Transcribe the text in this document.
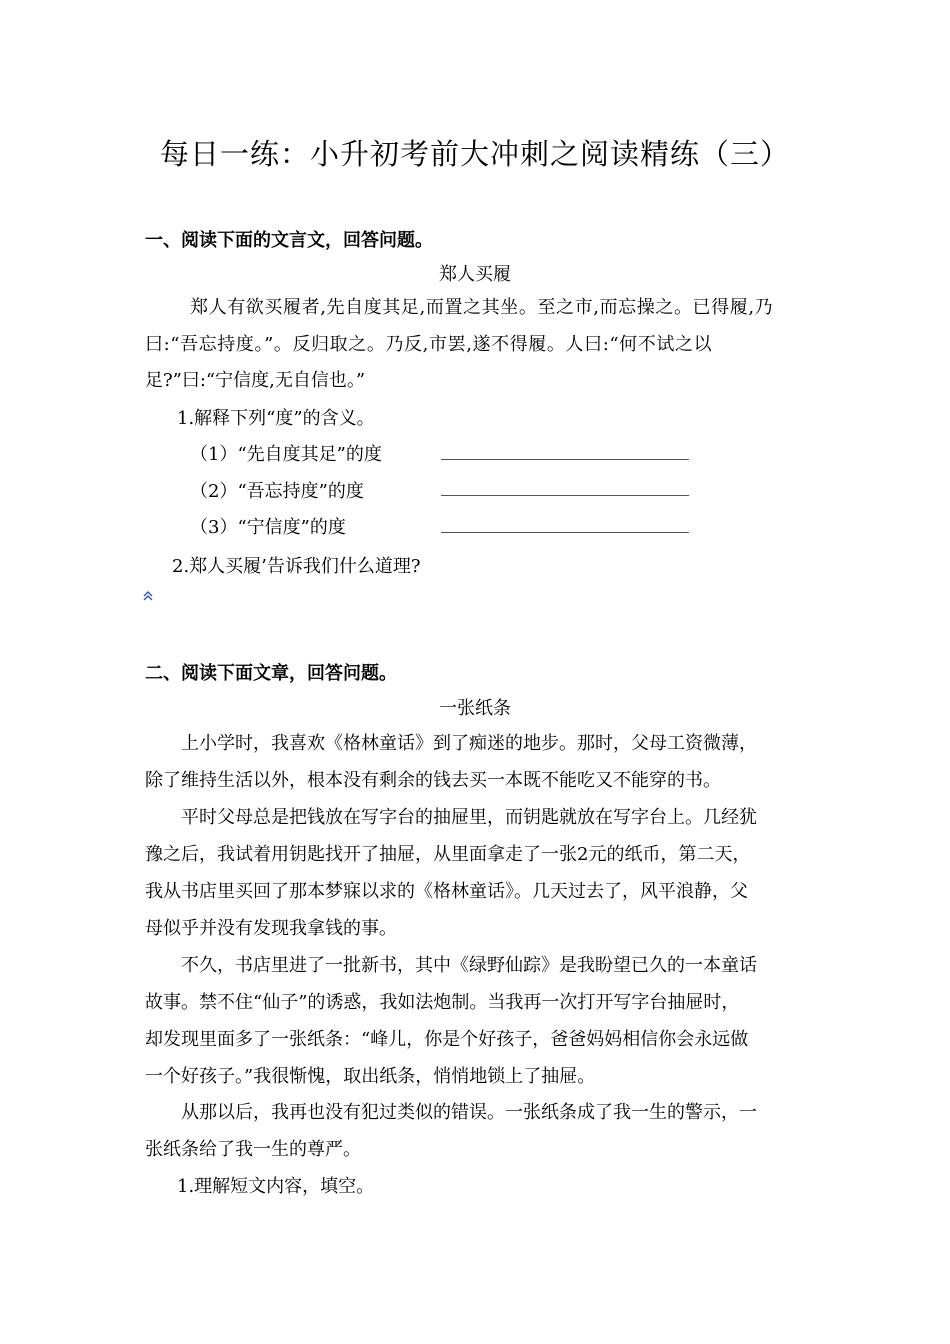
每日一练：小升初考前大冲刺之阅读精练（三）
一、阅读下面的文言文，回答问题。
郑人买履
郑人有欲买履者,先自度其足,而置之其坐。至之市,而忘操之。已得履,乃
曰:“吾忘持度。”。反归取之。乃反,市罢,遂不得履。人曰:“何不试之以
足?”曰:“宁信度,无自信也。”
1.解释下列“度”的含义。
（1）“先自度其足”的度
（2）“吾忘持度”的度
（3）“宁信度”的度
2.郑人买履’告诉我们什么道理?
二、阅读下面文章，回答问题。
一张纸条
上小学时，我喜欢《格林童话》到了痴迷的地步。那时，父母工资微薄，
除了维持生活以外，根本没有剩余的钱去买一本既不能吃又不能穿的书。
平时父母总是把钱放在写字台的抽屉里，而钥匙就放在写字台上。几经犹
豫之后，我试着用钥匙找开了抽屉，从里面拿走了一张2元的纸币，第二天，
我从书店里买回了那本梦寐以求的《格林童话》。几天过去了，风平浪静，父
母似乎并没有发现我拿钱的事。
不久，书店里进了一批新书，其中《绿野仙踪》是我盼望已久的一本童话
故事。禁不住“仙子”的诱惑，我如法炮制。当我再一次打开写字台抽屉时，
却发现里面多了一张纸条：“峰儿，你是个好孩子，爸爸妈妈相信你会永远做
一个好孩子。”我很惭愧，取出纸条，悄悄地锁上了抽屉。
从那以后，我再也没有犯过类似的错误。一张纸条成了我一生的警示，一
张纸条给了我一生的尊严。
1.理解短文内容，填空。
